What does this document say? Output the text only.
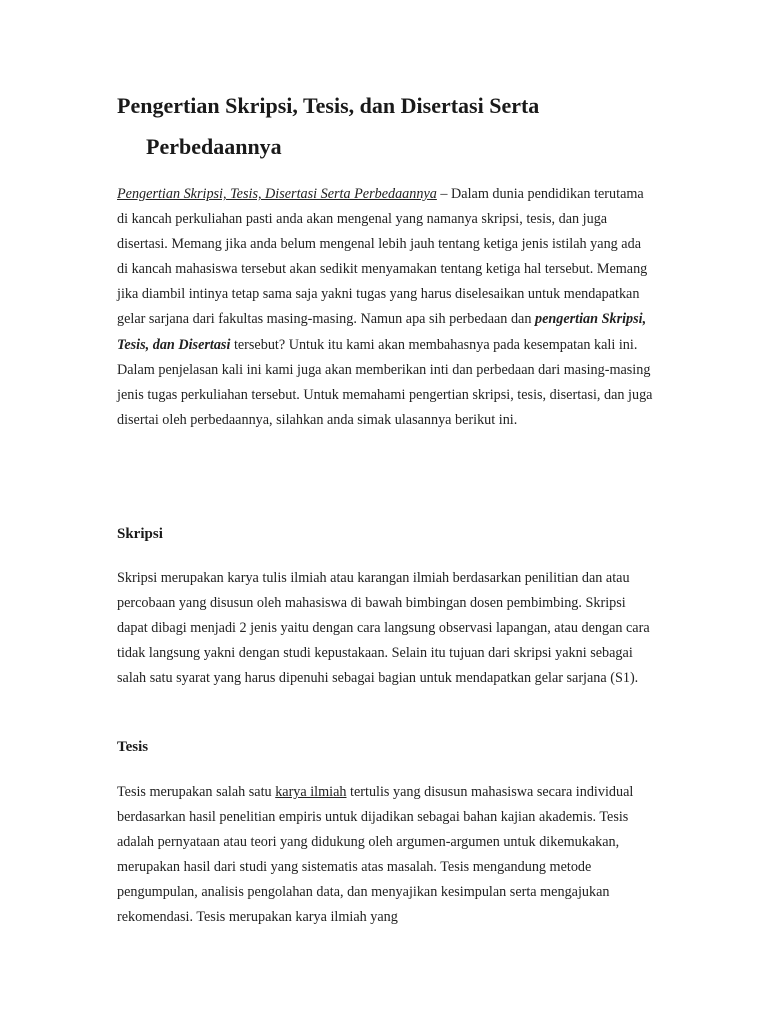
Pengertian Skripsi, Tesis, dan Disertasi Serta
Perbedaannya

Pengertian Skripsi, Tesis, Disertasi Serta Perbedaannya – Dalam dunia pendidikan terutama di kancah perkuliahan pasti anda akan mengenal yang namanya skripsi, tesis, dan juga disertasi. Memang jika anda belum mengenal lebih jauh tentang ketiga jenis istilah yang ada di kancah mahasiswa tersebut akan sedikit menyamakan tentang ketiga hal tersebut. Memang jika diambil intinya tetap sama saja yakni tugas yang harus diselesaikan untuk mendapatkan gelar sarjana dari fakultas masing-masing. Namun apa sih perbedaan dan pengertian Skripsi, Tesis, dan Disertasi tersebut? Untuk itu kami akan membahasnya pada kesempatan kali ini. Dalam penjelasan kali ini kami juga akan memberikan inti dan perbedaan dari masing-masing jenis tugas perkuliahan tersebut. Untuk memahami pengertian skripsi, tesis, disertasi, dan juga disertai oleh perbedaannya, silahkan anda simak ulasannya berikut ini.

Skripsi

Skripsi merupakan karya tulis ilmiah atau karangan ilmiah berdasarkan penilitian dan atau percobaan yang disusun oleh mahasiswa di bawah bimbingan dosen pembimbing. Skripsi dapat dibagi menjadi 2 jenis yaitu dengan cara langsung observasi lapangan, atau dengan cara tidak langsung yakni dengan studi kepustakaan. Selain itu tujuan dari skripsi yakni sebagai salah satu syarat yang harus dipenuhi sebagai bagian untuk mendapatkan gelar sarjana (S1).

Tesis

Tesis merupakan salah satu karya ilmiah tertulis yang disusun mahasiswa secara individual berdasarkan hasil penelitian empiris untuk dijadikan sebagai bahan kajian akademis. Tesis adalah pernyataan atau teori yang didukung oleh argumen-argumen untuk dikemukakan, merupakan hasil dari studi yang sistematis atas masalah. Tesis mengandung metode pengumpulan, analisis pengolahan data, dan menyajikan kesimpulan serta mengajukan rekomendasi. Tesis merupakan karya ilmiah yang
